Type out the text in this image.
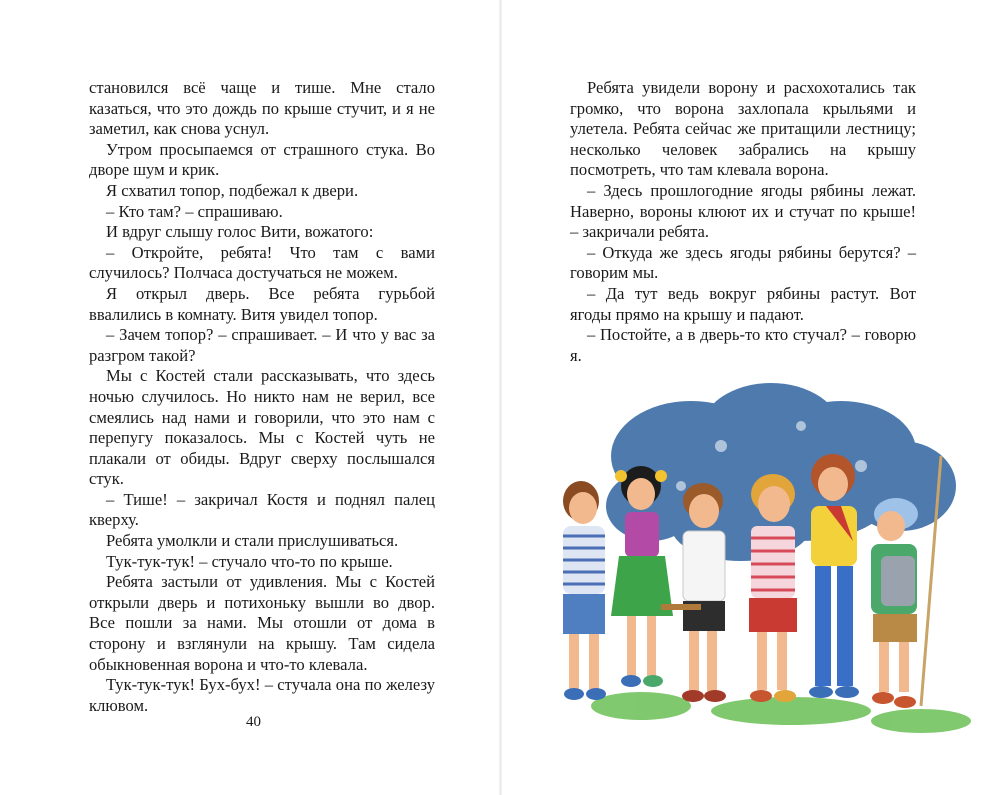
становился всё чаще и тише. Мне стало казаться, что это дождь по крыше стучит, и я не заметил, как снова уснул.

Утром просыпаемся от страшного стука. Во дворе шум и крик.

Я схватил топор, подбежал к двери.

– Кто там? – спрашиваю.

И вдруг слышу голос Вити, вожатого:

– Откройте, ребята! Что там с вами случилось? Полчаса достучаться не можем.

Я открыл дверь. Все ребята гурьбой ввалились в комнату. Витя увидел топор.

– Зачем топор? – спрашивает. – И что у вас за разгром такой?

Мы с Костей стали рассказывать, что здесь ночью случилось. Но никто нам не верил, все смеялись над нами и говорили, что это нам с перепугу показалось. Мы с Костей чуть не плакали от обиды. Вдруг сверху послышался стук.

– Тише! – закричал Костя и поднял палец кверху.

Ребята умолкли и стали прислушиваться.

Тук-тук-тук! – стучало что-то по крыше.

Ребята застыли от удивления. Мы с Костей открыли дверь и потихоньку вышли во двор. Все пошли за нами. Мы отошли от дома в сторону и взглянули на крышу. Там сидела обыкновенная ворона и что-то клевала.

Тук-тук-тук! Бух-бух! – стучала она по железу клювом.

40

Ребята увидели ворону и расхохотались так громко, что ворона захлопала крыльями и улетела. Ребята сейчас же притащили лестницу; несколько человек забрались на крышу посмотреть, что там клевала ворона.

– Здесь прошлогодние ягоды рябины лежат. Наверно, вороны клюют их и стучат по крыше! – закричали ребята.

– Откуда же здесь ягоды рябины берутся? – говорим мы.

– Да тут ведь вокруг рябины растут. Вот ягоды прямо на крышу и падают.

– Постойте, а в дверь-то кто стучал? – говорю я.
